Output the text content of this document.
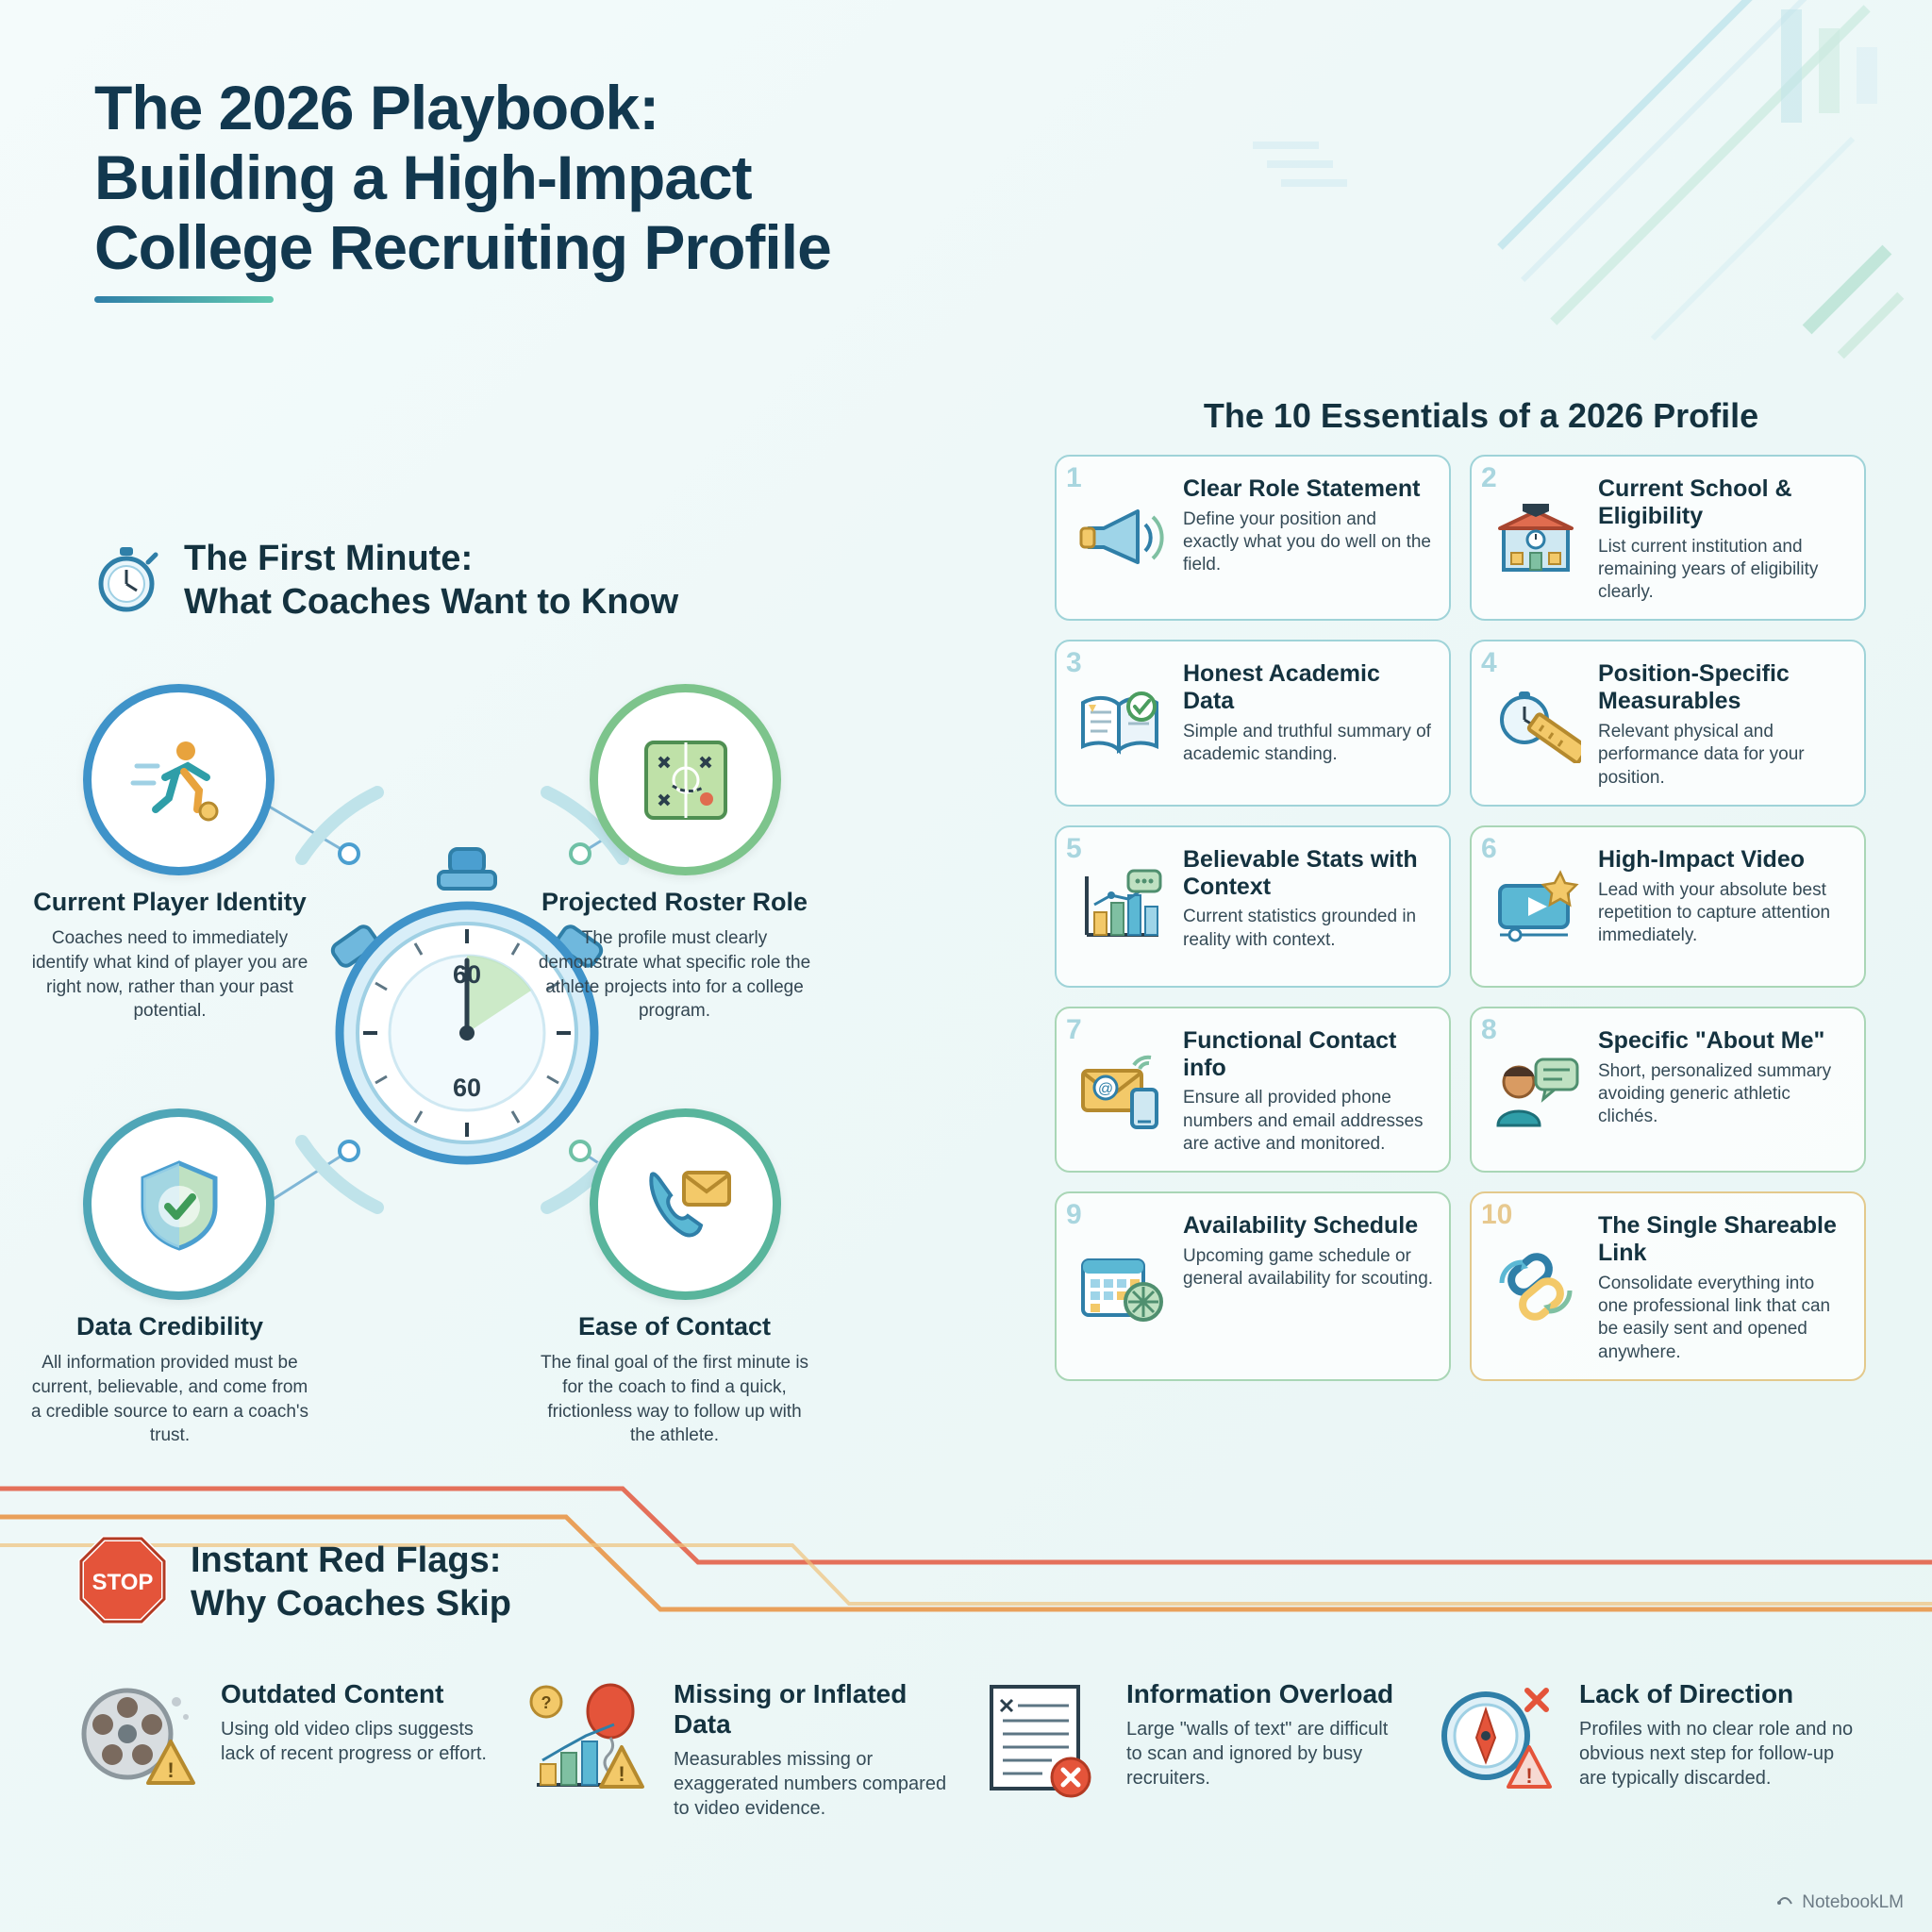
The 2026 Playbook:
Building a High-Impact
College Recruiting Profile
The First Minute:
What Coaches Want to Know
60
60
Current Player Identity

Coaches need to immediately identify what kind of player you are right now, rather than your past potential.

Projected Roster Role

The profile must clearly demonstrate what specific role the athlete projects into for a college program.

Data Credibility

All information provided must be current, believable, and come from a credible source to earn a coach's trust.

Ease of Contact

The final goal of the first minute is for the coach to find a quick, frictionless way to follow up with the athlete.

The 10 Essentials of a 2026 Profile
1	Clear Role Statement

Define your position and exactly what you do well on the field.

2	Current School & Eligibility

List current institution and remaining years of eligibility clearly.

3	Honest Academic Data

Simple and truthful summary of academic standing.

4	Position-Specific Measurables

Relevant physical and performance data for your position.

5	Believable Stats with Context

Current statistics grounded in reality with context.

6	High-Impact Video

Lead with your absolute best repetition to capture attention immediately.

7
@
Functional Contact info

Ensure all provided phone numbers and email addresses are active and monitored.

8	Specific "About Me"

Short, personalized summary avoiding generic athletic clichés.

9	Availability Schedule

Upcoming game schedule or general availability for scouting.

10	The Single Shareable Link

Consolidate everything into one professional link that can be easily sent and opened anywhere.

STOP
Instant Red Flags:
Why Coaches Skip
!
Outdated Content

Using old video clips suggests lack of recent progress or effort.

?
!
Missing or Inflated Data

Measurables missing or exaggerated numbers compared to video evidence.

Information Overload

Large "walls of text" are difficult to scan and ignored by busy recruiters.	!
Lack of Direction

Profiles with no clear role and no obvious next step for follow-up are typically discarded.

NotebookLM
